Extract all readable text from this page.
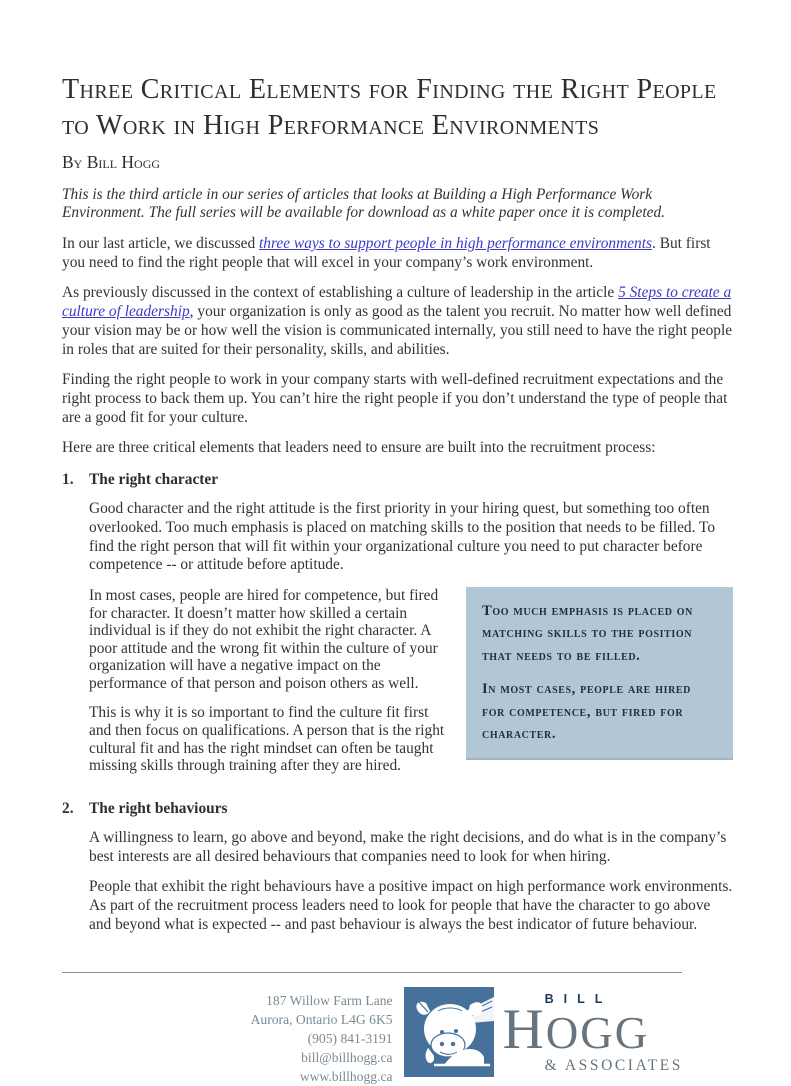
Three Critical Elements for Finding the Right People to Work in High Performance Environments
By Bill Hogg

This is the third article in our series of articles that looks at Building a High Performance Work Environment. The full series will be available for download as a white paper once it is completed.

In our last article, we discussed three ways to support people in high performance environments. But first you need to find the right people that will excel in your company’s work environment.

As previously discussed in the context of establishing a culture of leadership in the article 5 Steps to create a culture of leadership, your organization is only as good as the talent you recruit. No matter how well defined your vision may be or how well the vision is communicated internally, you still need to have the right people in roles that are suited for their personality, skills, and abilities.

Finding the right people to work in your company starts with well-defined recruitment expectations and the right process to back them up. You can’t hire the right people if you don’t understand the type of people that are a good fit for your culture.

Here are three critical elements that leaders need to ensure are built into the recruitment process:

1.	The right character

Good character and the right attitude is the first priority in your hiring quest, but something too often overlooked. Too much emphasis is placed on matching skills to the position that needs to be filled. To find the right person that will fit within your organizational culture you need to put character before competence -- or attitude before aptitude.

In most cases, people are hired for competence, but fired for character. It doesn’t matter how skilled a certain individual is if they do not exhibit the right character. A poor attitude and the wrong fit within the culture of your organization will have a negative impact on the performance of that person and poison others as well.

This is why it is so important to find the culture fit first and then focus on qualifications. A person that is the right cultural fit and has the right mindset can often be taught missing skills through training after they are hired.

Too much emphasis is placed on matching skills to the position that needs to be filled.

In most cases, people are hired for competence, but fired for character.

2.	The right behaviours

A willingness to learn, go above and beyond, make the right decisions, and do what is in the company’s best interests are all desired behaviours that companies need to look for when hiring.

People that exhibit the right behaviours have a positive impact on high performance work environments. As part of the recruitment process leaders need to look for people that have the character to go above and beyond what is expected -- and past behaviour is always the best indicator of future behaviour.

187 Willow Farm Lane
Aurora, Ontario L4G 6K5
(905) 841-3191
bill@billhogg.ca
www.billhogg.ca
BILL
HOGG
& ASSOCIATES
